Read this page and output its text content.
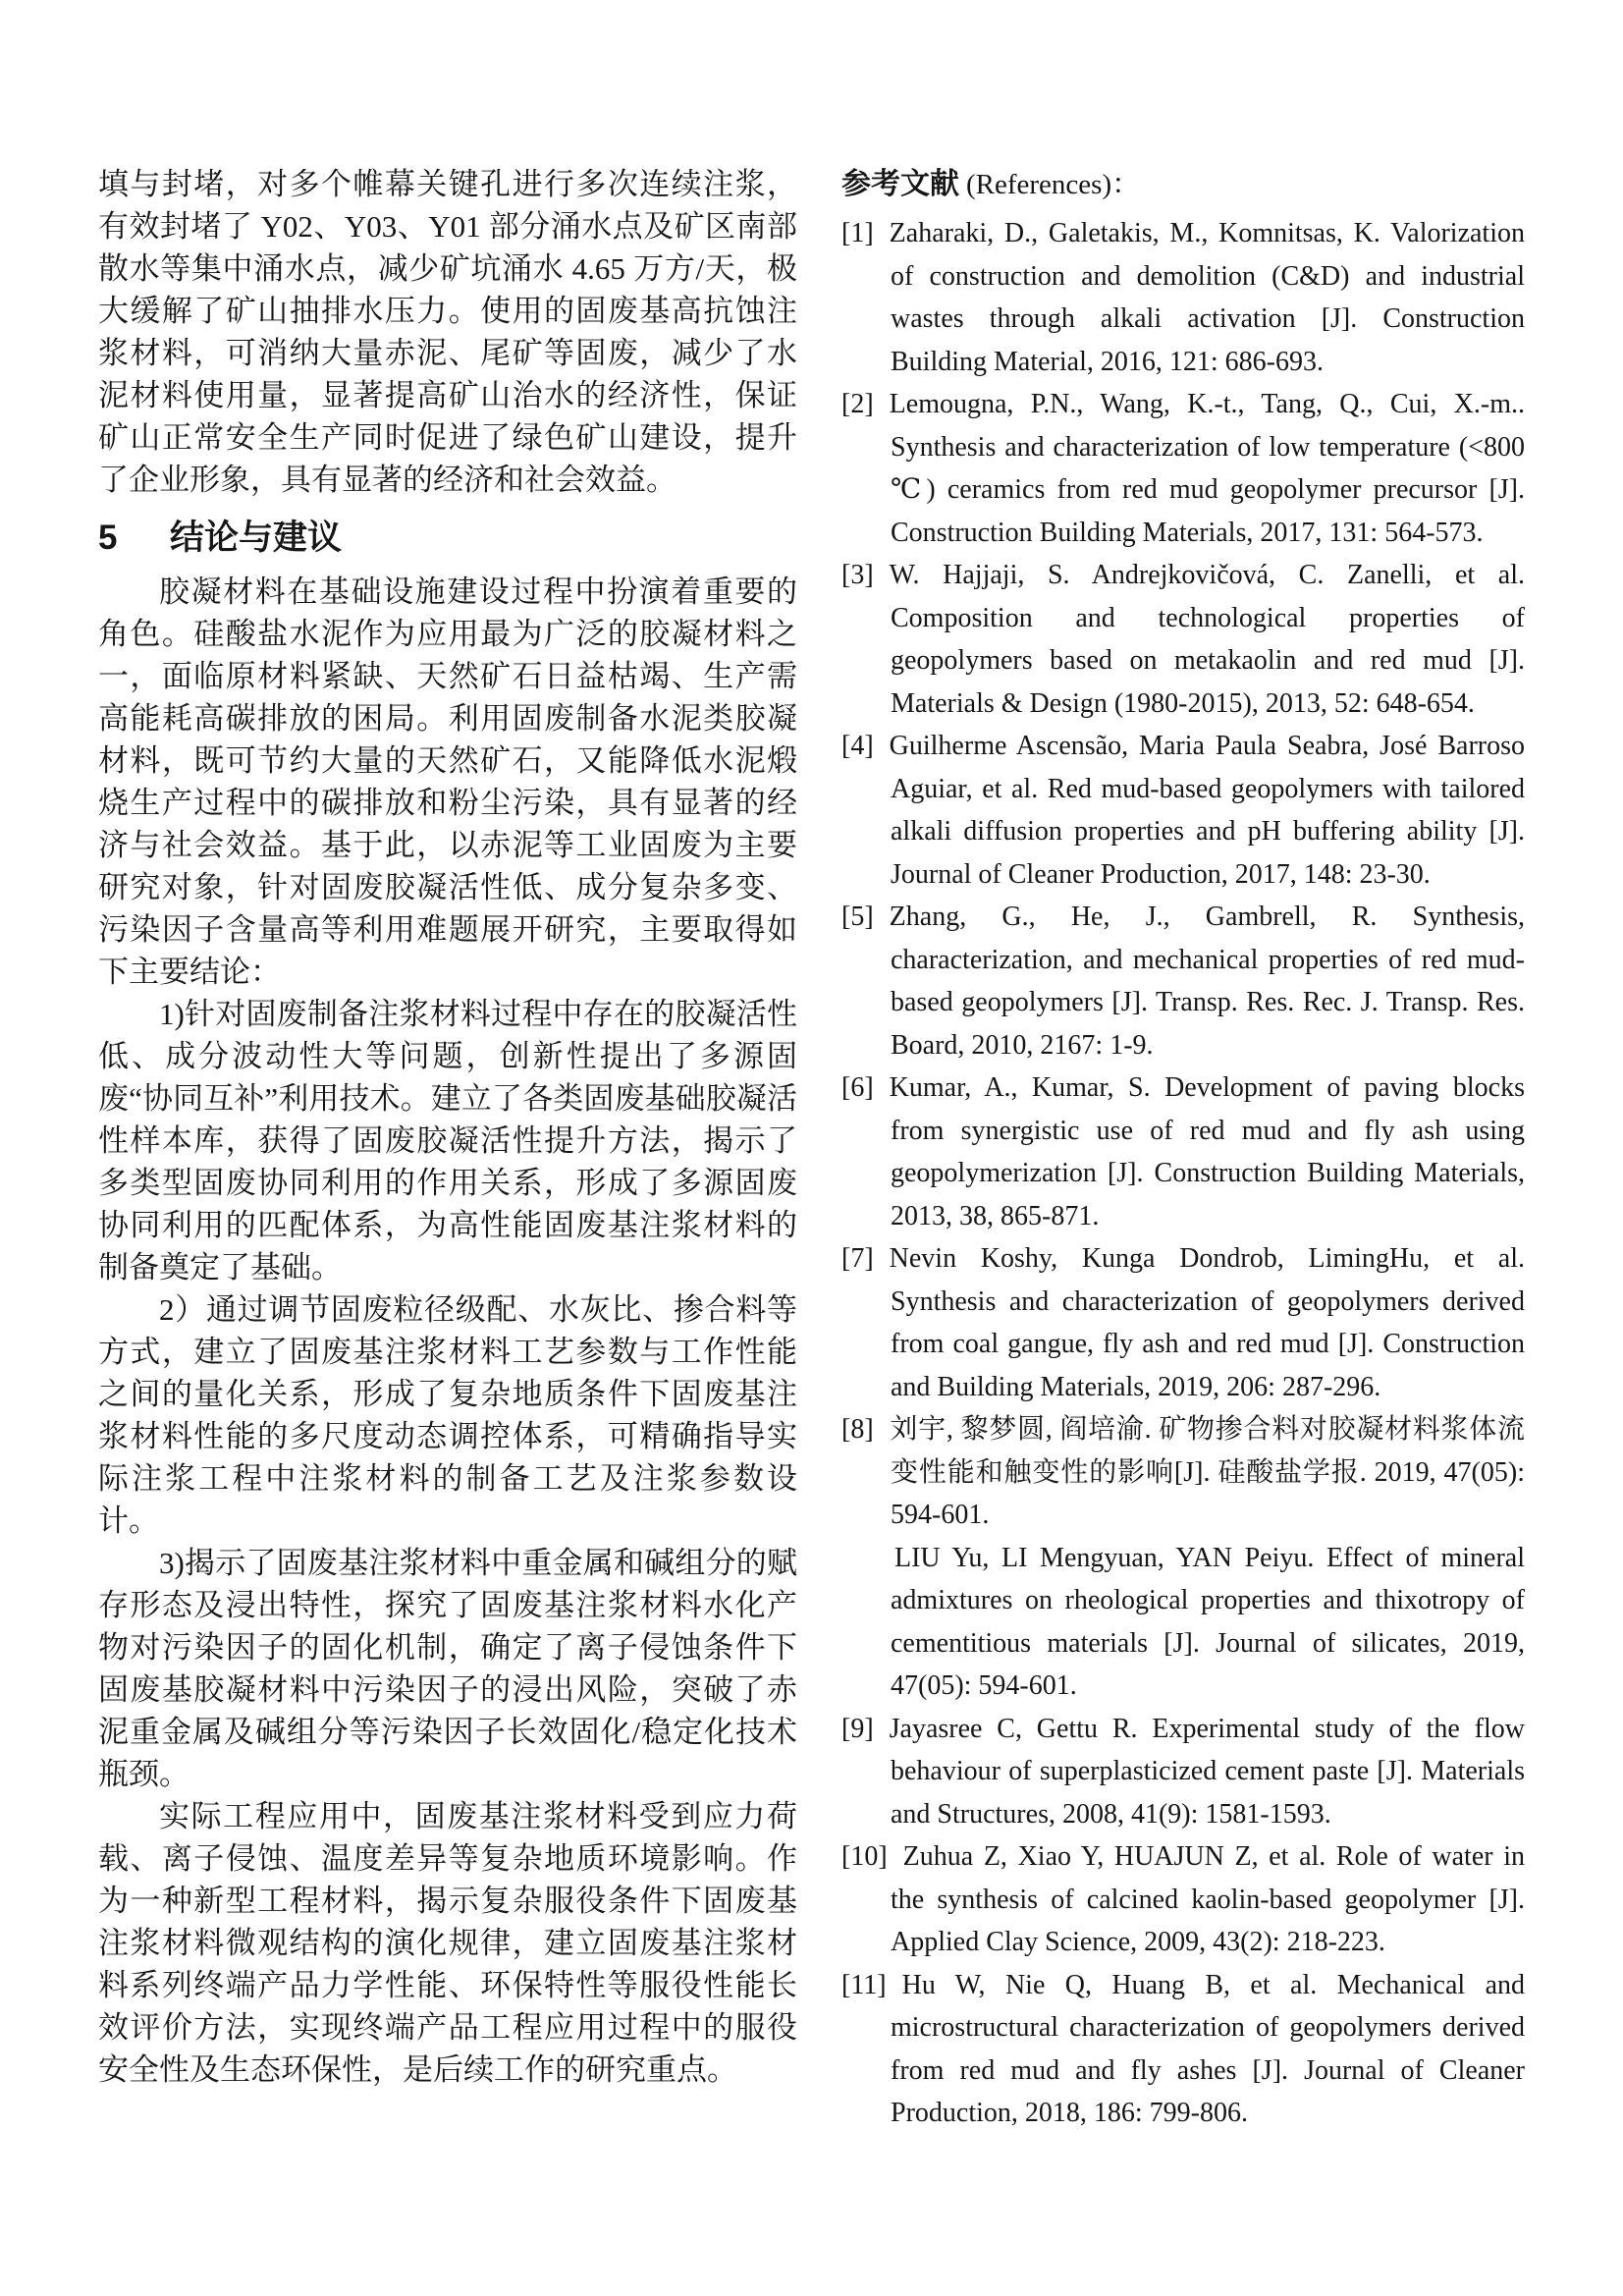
填与封堵，对多个帷幕关键孔进行多次连续注浆，有效封堵了 Y02、Y03、Y01 部分涌水点及矿区南部散水等集中涌水点，减少矿坑涌水 4.65 万方/天，极大缓解了矿山抽排水压力。使用的固废基高抗蚀注浆材料，可消纳大量赤泥、尾矿等固废，减少了水泥材料使用量，显著提高矿山治水的经济性，保证矿山正常安全生产同时促进了绿色矿山建设，提升了企业形象，具有显著的经济和社会效益。

5 结论与建议

胶凝材料在基础设施建设过程中扮演着重要的角色。硅酸盐水泥作为应用最为广泛的胶凝材料之一，面临原材料紧缺、天然矿石日益枯竭、生产需高能耗高碳排放的困局。利用固废制备水泥类胶凝材料，既可节约大量的天然矿石，又能降低水泥煅烧生产过程中的碳排放和粉尘污染，具有显著的经济与社会效益。基于此，以赤泥等工业固废为主要研究对象，针对固废胶凝活性低、成分复杂多变、污染因子含量高等利用难题展开研究，主要取得如下主要结论：

1)针对固废制备注浆材料过程中存在的胶凝活性低、成分波动性大等问题，创新性提出了多源固废“协同互补”利用技术。建立了各类固废基础胶凝活性样本库，获得了固废胶凝活性提升方法，揭示了多类型固废协同利用的作用关系，形成了多源固废协同利用的匹配体系，为高性能固废基注浆材料的制备奠定了基础。

2）通过调节固废粒径级配、水灰比、掺合料等方式，建立了固废基注浆材料工艺参数与工作性能之间的量化关系，形成了复杂地质条件下固废基注浆材料性能的多尺度动态调控体系，可精确指导实际注浆工程中注浆材料的制备工艺及注浆参数设计。

3)揭示了固废基注浆材料中重金属和碱组分的赋存形态及浸出特性，探究了固废基注浆材料水化产物对污染因子的固化机制，确定了离子侵蚀条件下固废基胶凝材料中污染因子的浸出风险，突破了赤泥重金属及碱组分等污染因子长效固化/稳定化技术瓶颈。

实际工程应用中，固废基注浆材料受到应力荷载、离子侵蚀、温度差异等复杂地质环境影响。作为一种新型工程材料，揭示复杂服役条件下固废基注浆材料微观结构的演化规律，建立固废基注浆材料系列终端产品力学性能、环保特性等服役性能长效评价方法，实现终端产品工程应用过程中的服役安全性及生态环保性，是后续工作的研究重点。

参考文献 (References)：

[1] Zaharaki, D., Galetakis, M., Komnitsas, K. Valorization of construction and demolition (C&D) and industrial wastes through alkali activation [J]. Construction Building Material, 2016, 121: 686-693.
[2] Lemougna, P.N., Wang, K.-t., Tang, Q., Cui, X.-m.. Synthesis and characterization of low temperature (<800 ℃) ceramics from red mud geopolymer precursor [J]. Construction Building Materials, 2017, 131: 564-573.
[3] W. Hajjaji, S. Andrejkovičová, C. Zanelli, et al. Composition and technological properties of geopolymers based on metakaolin and red mud [J]. Materials & Design (1980-2015), 2013, 52: 648-654.
[4] Guilherme Ascensão, Maria Paula Seabra, José Barroso Aguiar, et al. Red mud-based geopolymers with tailored alkali diffusion properties and pH buffering ability [J]. Journal of Cleaner Production, 2017, 148: 23-30.
[5] Zhang, G., He, J., Gambrell, R. Synthesis, characterization, and mechanical properties of red mud-based geopolymers [J]. Transp. Res. Rec. J. Transp. Res. Board, 2010, 2167: 1-9.
[6] Kumar, A., Kumar, S. Development of paving blocks from synergistic use of red mud and fly ash using geopolymerization [J]. Construction Building Materials, 2013, 38, 865-871.
[7] Nevin Koshy, Kunga Dondrob, LimingHu, et al. Synthesis and characterization of geopolymers derived from coal gangue, fly ash and red mud [J]. Construction and Building Materials, 2019, 206: 287-296.
[8] 刘宇, 黎梦圆, 阎培渝. 矿物掺合料对胶凝材料浆体流变性能和触变性的影响[J]. 硅酸盐学报. 2019, 47(05): 594-601.
LIU Yu, LI Mengyuan, YAN Peiyu. Effect of mineral admixtures on rheological properties and thixotropy of cementitious materials [J]. Journal of silicates, 2019, 47(05): 594-601.
[9] Jayasree C, Gettu R. Experimental study of the flow behaviour of superplasticized cement paste [J]. Materials and Structures, 2008, 41(9): 1581-1593.
[10] Zuhua Z, Xiao Y, HUAJUN Z, et al. Role of water in the synthesis of calcined kaolin-based geopolymer [J]. Applied Clay Science, 2009, 43(2): 218-223.
[11] Hu W, Nie Q, Huang B, et al. Mechanical and microstructural characterization of geopolymers derived from red mud and fly ashes [J]. Journal of Cleaner Production, 2018, 186: 799-806.
